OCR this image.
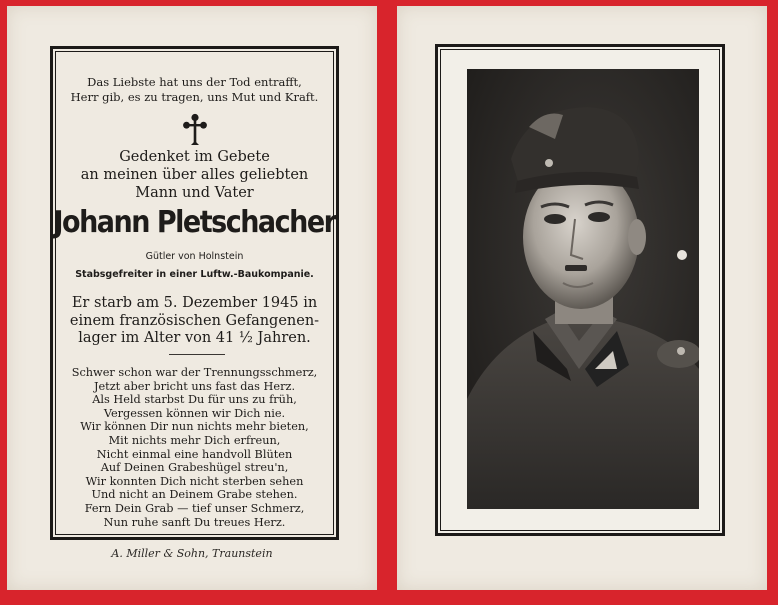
Das Liebste hat uns der Tod entrafft,
Herr gib, es zu tragen, uns Mut und Kraft.
Gedenket im Gebete
an meinen über alles geliebten
Mann und Vater
Johann Pletschacher
Gütler von Holnstein
Stabsgefreiter in einer Luftw.-Baukompanie.
Er starb am 5. Dezember 1945 in
einem französischen Gefangenen-
lager im Alter von 41 ½ Jahren.
Schwer schon war der Trennungsschmerz,
Jetzt aber bricht uns fast das Herz.
Als Held starbst Du für uns zu früh,
Vergessen können wir Dich nie.
Wir können Dir nun nichts mehr bieten,
Mit nichts mehr Dich erfreun,
Nicht einmal eine handvoll Blüten
Auf Deinen Grabeshügel streu'n,
Wir konnten Dich nicht sterben sehen
Und nicht an Deinem Grabe stehen.
Fern Dein Grab — tief unser Schmerz,
Nun ruhe sanft Du treues Herz.
A. Miller & Sohn, Traunstein
